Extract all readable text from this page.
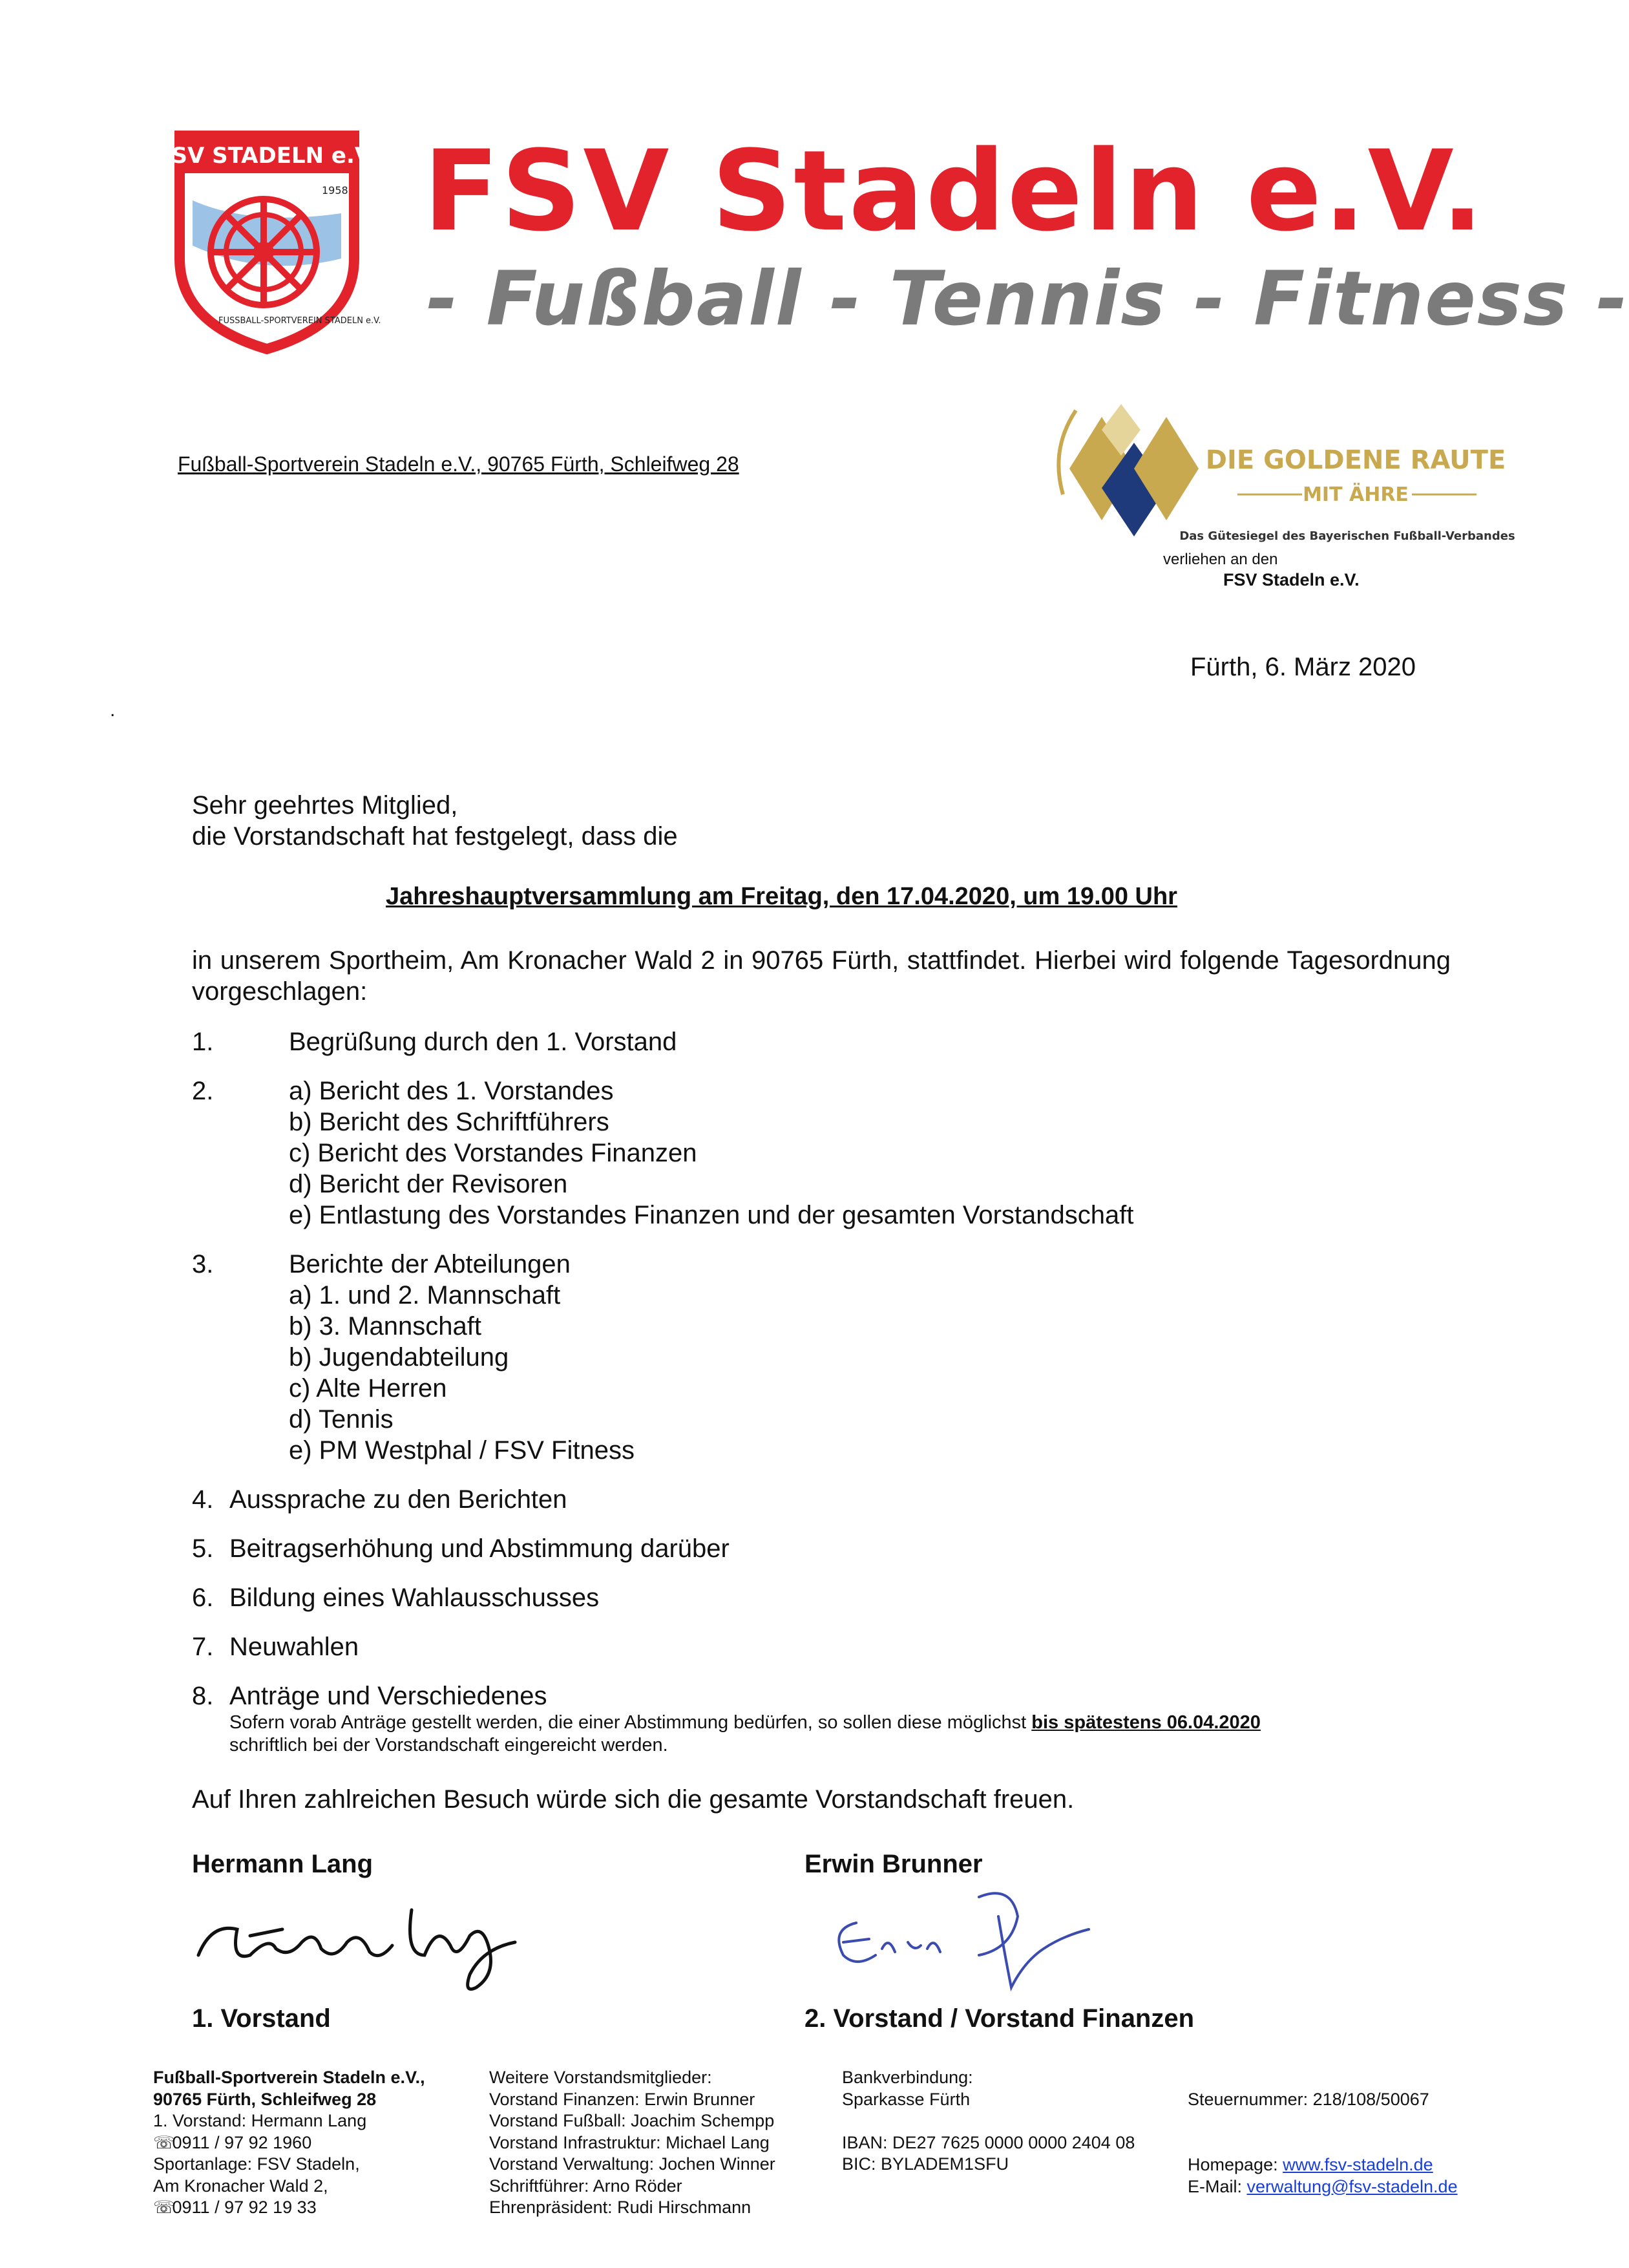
FSV STADELN e.V.
1958
FUSSBALL-SPORTVEREIN STADELN e.V.
FSV Stadeln e.V.
- Fußball - Tennis - Fitness -
Fußball-Sportverein Stadeln e.V., 90765 Fürth, Schleifweg 28	DIE GOLDENE RAUTE
MIT ÄHRE
Das Gütesiegel des Bayerischen Fußball-Verbandes
verliehen an den
FSV Stadeln e.V.
Fürth, 6. März 2020
.
Sehr geehrtes Mitglied,
die Vorstandschaft hat festgelegt, dass die
Jahreshauptversammlung am Freitag, den 17.04.2020, um 19.00 Uhr
in unserem Sportheim, Am Kronacher Wald 2 in 90765 Fürth, stattfindet. Hierbei wird folgende Tagesordnung vorgeschlagen:
1.	Begrüßung durch den 1. Vorstand
2.	a) Bericht des 1. Vorstandes
b) Bericht des Schriftführers
c) Bericht des Vorstandes Finanzen
d) Bericht der Revisoren
e) Entlastung des Vorstandes Finanzen und der gesamten Vorstandschaft
3.	Berichte der Abteilungen
a) 1. und 2. Mannschaft
b) 3. Mannschaft
b) Jugendabteilung
c) Alte Herren
d) Tennis
e) PM Westphal / FSV Fitness
4. Aussprache zu den Berichten
5. Beitragserhöhung und Abstimmung darüber
6. Bildung eines Wahlausschusses
7. Neuwahlen
8. Anträge und Verschiedenes
Sofern vorab Anträge gestellt werden, die einer Abstimmung bedürfen, so sollen diese möglichst bis spätestens 06.04.2020
schriftlich bei der Vorstandschaft eingereicht werden.
Auf Ihren zahlreichen Besuch würde sich die gesamte Vorstandschaft freuen.
Hermann Lang
1. Vorstand
Erwin Brunner
2. Vorstand / Vorstand Finanzen
Fußball-Sportverein Stadeln e.V.,
90765 Fürth, Schleifweg 28
1. Vorstand: Hermann Lang
☏ 0911 / 97 92 1960
Sportanlage: FSV Stadeln,
Am Kronacher Wald 2,
☏ 0911 / 97 92 19 33
Weitere Vorstandsmitglieder:
Vorstand Finanzen: Erwin Brunner
Vorstand Fußball: Joachim Schempp
Vorstand Infrastruktur: Michael Lang
Vorstand Verwaltung: Jochen Winner
Schriftführer: Arno Röder
Ehrenpräsident: Rudi Hirschmann
Bankverbindung:
Sparkasse Fürth

IBAN: DE27 7625 0000 0000 2404 08
BIC: BYLADEM1SFU
Steuernummer: 218/108/50067
Homepage: www.fsv-stadeln.de
E-Mail: verwaltung@fsv-stadeln.de
